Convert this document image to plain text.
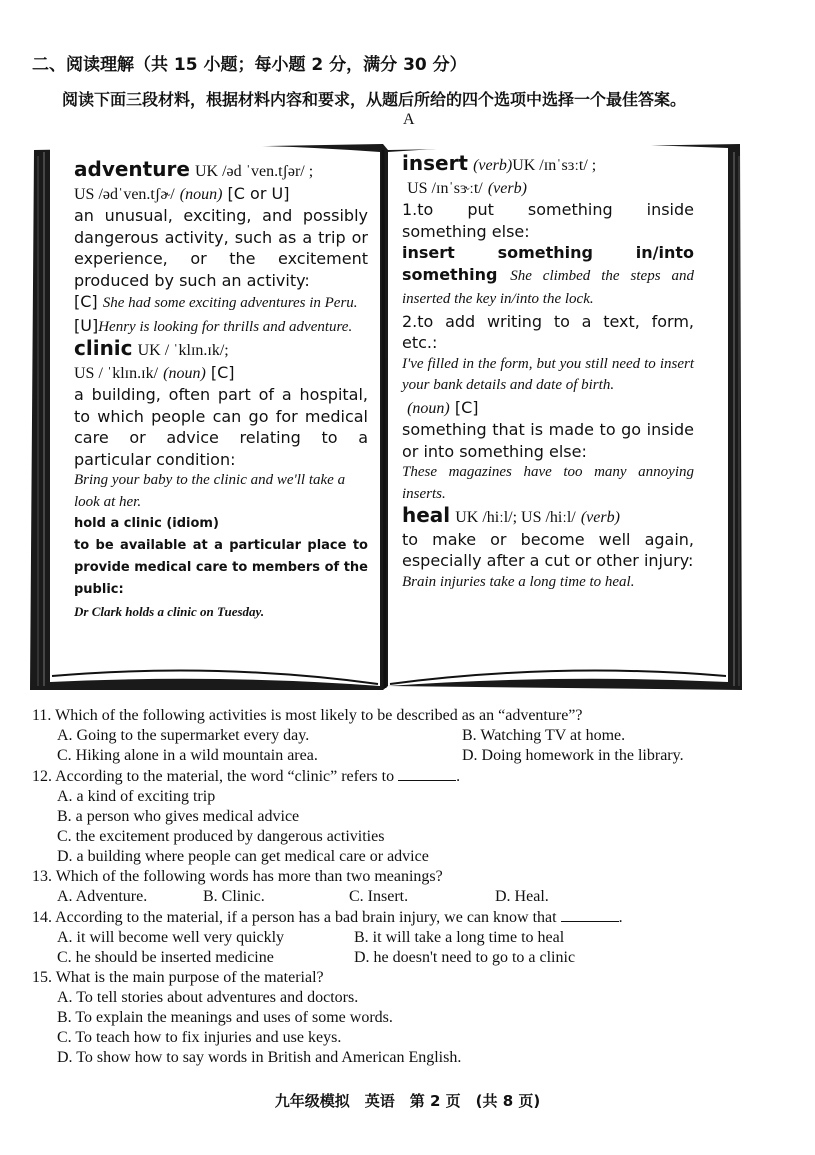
二、阅读理解（共 15 小题；每小题 2 分，满分 30 分）
阅读下面三段材料，根据材料内容和要求，从题后所给的四个选项中选择一个最佳答案。
A
adventure UK /əd ˈven.tʃər/ ;
US /ədˈven.tʃɚ/ (noun) [C or U]
an unusual, exciting, and possibly dangerous activity, such as a trip or experience, or the excitement produced by such an activity:
[C] She had some exciting adventures in Peru.
[U]Henry is looking for thrills and adventure.
clinic UK / ˈklɪn.ɪk/;
US / ˈklɪn.ɪk/ (noun) [C]
a building, often part of a hospital, to which people can go for medical care or advice relating to a particular condition:
Bring your baby to the clinic and we'll take a look at her.
hold a clinic (idiom)
to be available at a particular place to provide medical care to members of the public:
Dr Clark holds a clinic on Tuesday.
insert (verb)UK /ɪnˈsɜːt/ ;
US /ɪnˈsɝːt/ (verb)
1.to put something inside something else:
insert something in/into something She climbed the steps and inserted the key in/into the lock.
2.to add writing to a text, form, etc.:
I've filled in the form, but you still need to insert your bank details and date of birth.
(noun) [C]
something that is made to go inside or into something else:
These magazines have too many annoying inserts.
heal UK /hiːl/; US /hiːl/ (verb)
to make or become well again, especially after a cut or other injury:
Brain injuries take a long time to heal.
11. Which of the following activities is most likely to be described as an “adventure”?
A. Going to the supermarket every day.	B. Watching TV at home.
C. Hiking alone in a wild mountain area.	D. Doing homework in the library.
12. According to the material, the word “clinic” refers to	.
A. a kind of exciting trip
B. a person who gives medical advice
C. the excitement produced by dangerous activities
D. a building where people can get medical care or advice
13. Which of the following words has more than two meanings?
A. Adventure.	B. Clinic.	C. Insert.	D. Heal.
14. According to the material, if a person has a bad brain injury, we can know that	.
A. it will become well very quickly	B. it will take a long time to heal
C. he should be inserted medicine	D. he doesn't need to go to a clinic
15. What is the main purpose of the material?
A. To tell stories about adventures and doctors.
B. To explain the meanings and uses of some words.
C. To teach how to fix injuries and use keys.
D. To show how to say words in British and American English.
九年级模拟　英语　第 2 页　(共 8 页)
